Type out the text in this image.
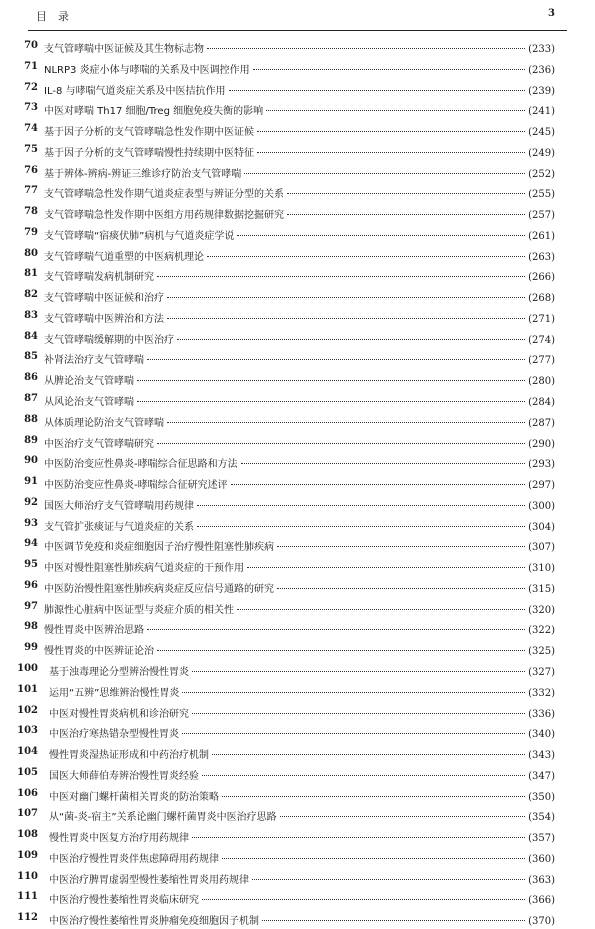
目　录	3
70 支气管哮喘中医证候及其生物标志物	(233)
71 NLRP3 炎症小体与哮喘的关系及中医调控作用	(236)
72 IL-8 与哮喘气道炎症关系及中医拮抗作用	(239)
73 中医对哮喘 Th17 细胞/Treg 细胞免疫失衡的影响	(241)
74 基于因子分析的支气管哮喘急性发作期中医证候	(245)
75 基于因子分析的支气管哮喘慢性持续期中医特征	(249)
76 基于辨体-辨病-辨证三维诊疗防治支气管哮喘	(252)
77 支气管哮喘急性发作期气道炎症表型与辨证分型的关系	(255)
78 支气管哮喘急性发作期中医组方用药规律数据挖掘研究	(257)
79 支气管哮喘“宿痰伏肺”病机与气道炎症学说	(261)
80 支气管哮喘气道重塑的中医病机理论	(263)
81 支气管哮喘发病机制研究	(266)
82 支气管哮喘中医证候和治疗	(268)
83 支气管哮喘中医辨治和方法	(271)
84 支气管哮喘缓解期的中医治疗	(274)
85 补肾法治疗支气管哮喘	(277)
86 从脾论治支气管哮喘	(280)
87 从风论治支气管哮喘	(284)
88 从体质理论防治支气管哮喘	(287)
89 中医治疗支气管哮喘研究	(290)
90 中医防治变应性鼻炎-哮喘综合征思路和方法	(293)
91 中医防治变应性鼻炎-哮喘综合征研究述评	(297)
92 国医大师治疗支气管哮喘用药规律	(300)
93 支气管扩张痰证与气道炎症的关系	(304)
94 中医调节免疫和炎症细胞因子治疗慢性阻塞性肺疾病	(307)
95 中医对慢性阻塞性肺疾病气道炎症的干预作用	(310)
96 中医防治慢性阻塞性肺疾病炎症反应信号通路的研究	(315)
97 肺源性心脏病中医证型与炎症介质的相关性	(320)
98 慢性胃炎中医辨治思路	(322)
99 慢性胃炎的中医辨证论治	(325)
100 基于浊毒理论分型辨治慢性胃炎	(327)
101 运用“五辨”思维辨治慢性胃炎	(332)
102 中医对慢性胃炎病机和诊治研究	(336)
103 中医治疗寒热错杂型慢性胃炎	(340)
104 慢性胃炎湿热证形成和中药治疗机制	(343)
105 国医大师薛伯寿辨治慢性胃炎经验	(347)
106 中医对幽门螺杆菌相关胃炎的防治策略	(350)
107 从“菌-炎-宿主”关系论幽门螺杆菌胃炎中医治疗思路	(354)
108 慢性胃炎中医复方治疗用药规律	(357)
109 中医治疗慢性胃炎伴焦虑障碍用药规律	(360)
110 中医治疗脾胃虚弱型慢性萎缩性胃炎用药规律	(363)
111 中医治疗慢性萎缩性胃炎临床研究	(366)
112 中医治疗慢性萎缩性胃炎肿瘤免疫细胞因子机制	(370)
